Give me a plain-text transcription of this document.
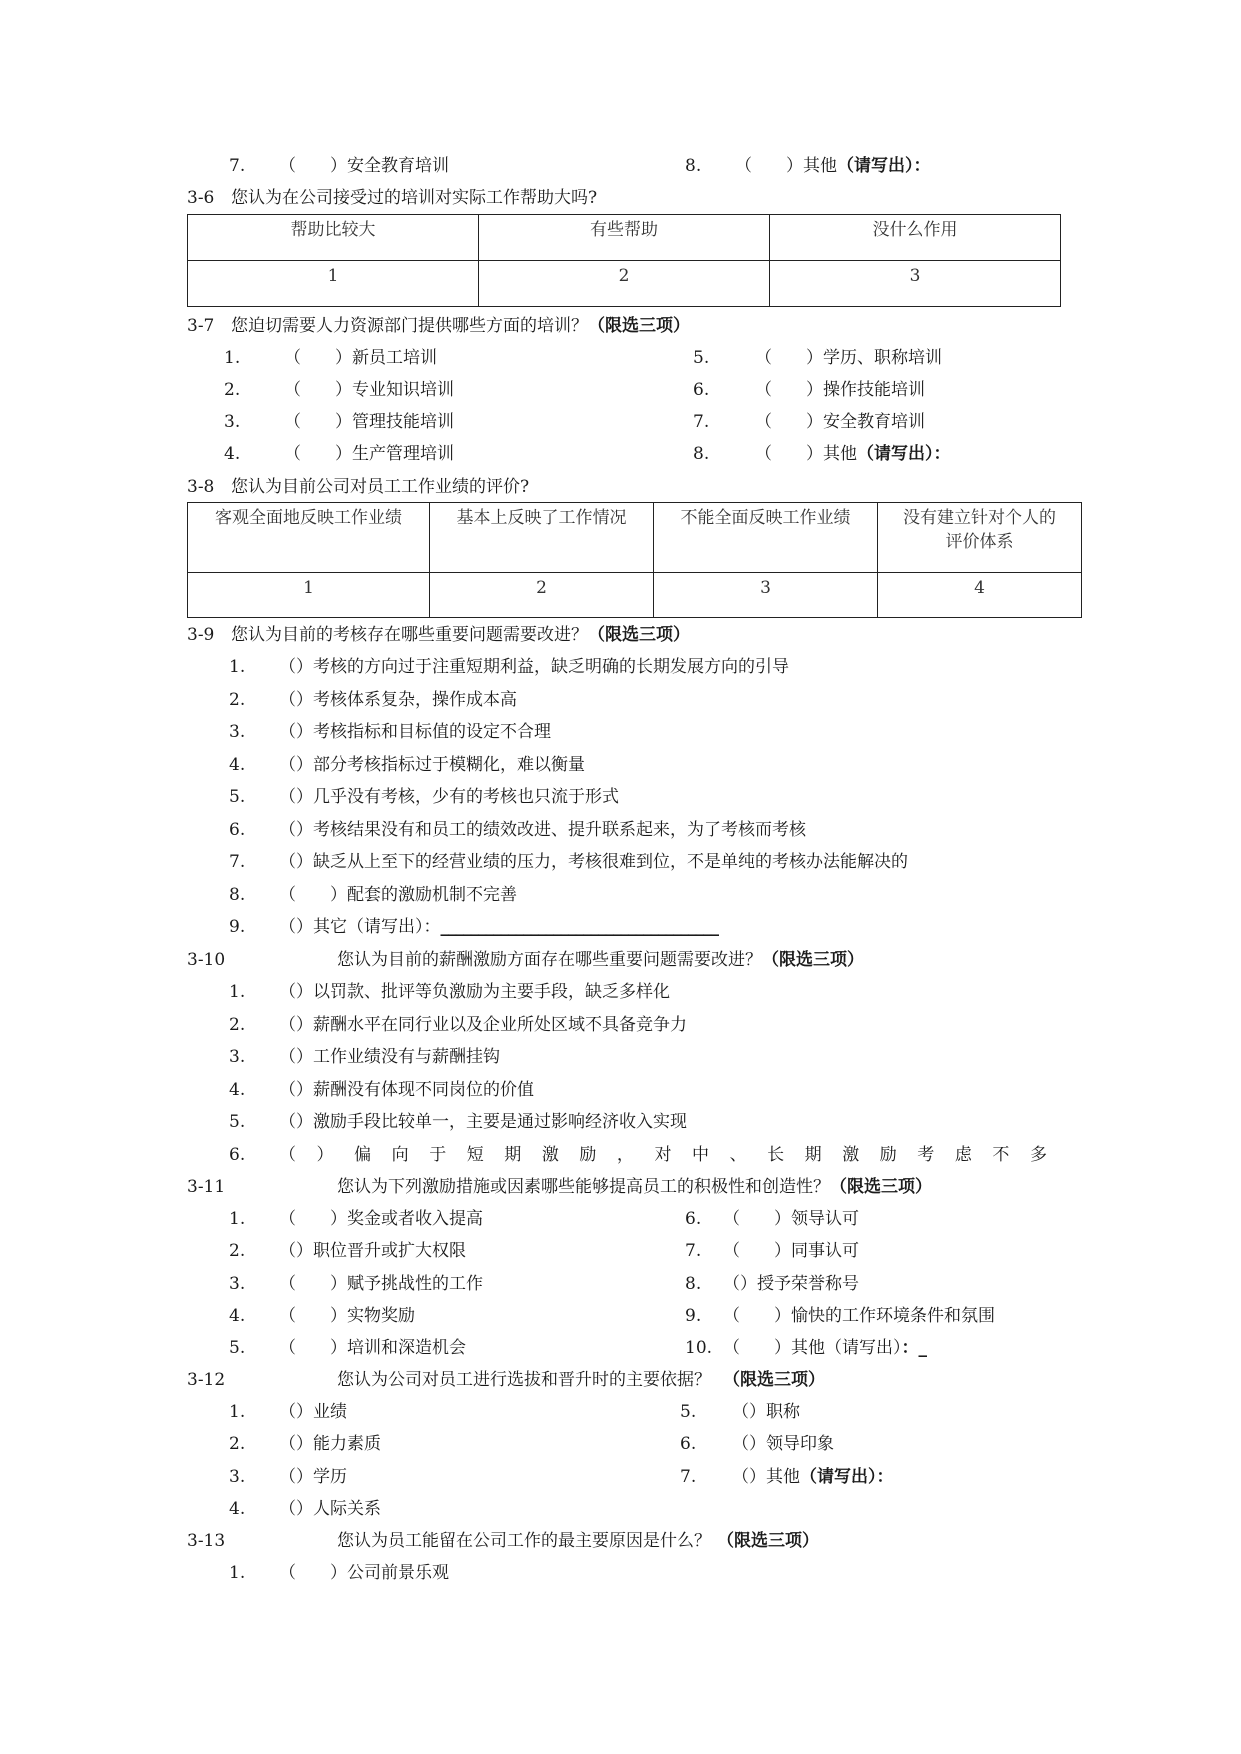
7. （　　）安全教育培训	8. （　　）其他（请写出）：
3-6 您认为在公司接受过的培训对实际工作帮助大吗?
帮助比较大	有些帮助	没什么作用
1	2	3
3-7 您迫切需要人力资源部门提供哪些方面的培训？（限选三项）
1.	（　　）新员工培训
2.	（　　）专业知识培训
3.	（　　）管理技能培训
4.	（　　）生产管理培训
5.	（　　）学历、职称培训
6.	（　　）操作技能培训
7.	（　　）安全教育培训
8.	（　　）其他（请写出）：
3-8 您认为目前公司对员工工作业绩的评价?
客观全面地反映工作业绩	基本上反映了工作情况	不能全面反映工作业绩	没有建立针对个人的评价体系
1	2	3	4
3-9 您认为目前的考核存在哪些重要问题需要改进？（限选三项）
1. （）考核的方向过于注重短期利益，缺乏明确的长期发展方向的引导
2. （）考核体系复杂，操作成本高
3. （）考核指标和目标值的设定不合理
4. （）部分考核指标过于模糊化，难以衡量
5. （）几乎没有考核，少有的考核也只流于形式
6. （）考核结果没有和员工的绩效改进、提升联系起来，为了考核而考核
7. （）缺乏从上至下的经营业绩的压力，考核很难到位，不是单纯的考核办法能解决的
8. （　　）配套的激励机制不完善
9. （）其它（请写出）：_____________________________________
3-10	您认为目前的薪酬激励方面存在哪些重要问题需要改进？（限选三项）
1. （）以罚款、批评等负激励为主要手段，缺乏多样化
2. （）薪酬水平在同行业以及企业所处区域不具备竞争力
3. （）工作业绩没有与薪酬挂钩
4. （）薪酬没有体现不同岗位的价值
5. （）激励手段比较单一，主要是通过影响经济收入实现
6.	（ ） 偏 向 于 短 期 激 励 ， 对 中 、 长 期 激 励 考 虑 不 多
3-11	您认为下列激励措施或因素哪些能够提高员工的积极性和创造性？（限选三项）
1. （　　）奖金或者收入提高
2. （）职位晋升或扩大权限
3. （　　）赋予挑战性的工作
4. （　　）实物奖励
5. （　　）培训和深造机会
6. （　　）领导认可
7. （　　）同事认可
8. （）授予荣誉称号
9. （　　）愉快的工作环境条件和氛围
10. （　　）其他（请写出）：_
3-12	您认为公司对员工进行选拔和晋升时的主要依据？ （限选三项）
1. （）业绩
2. （）能力素质
3. （）学历
4. （）人际关系
5. （）职称
6. （）领导印象
7. （）其他（请写出）：
3-13	您认为员工能留在公司工作的最主要原因是什么？ （限选三项）
1. （　　）公司前景乐观
